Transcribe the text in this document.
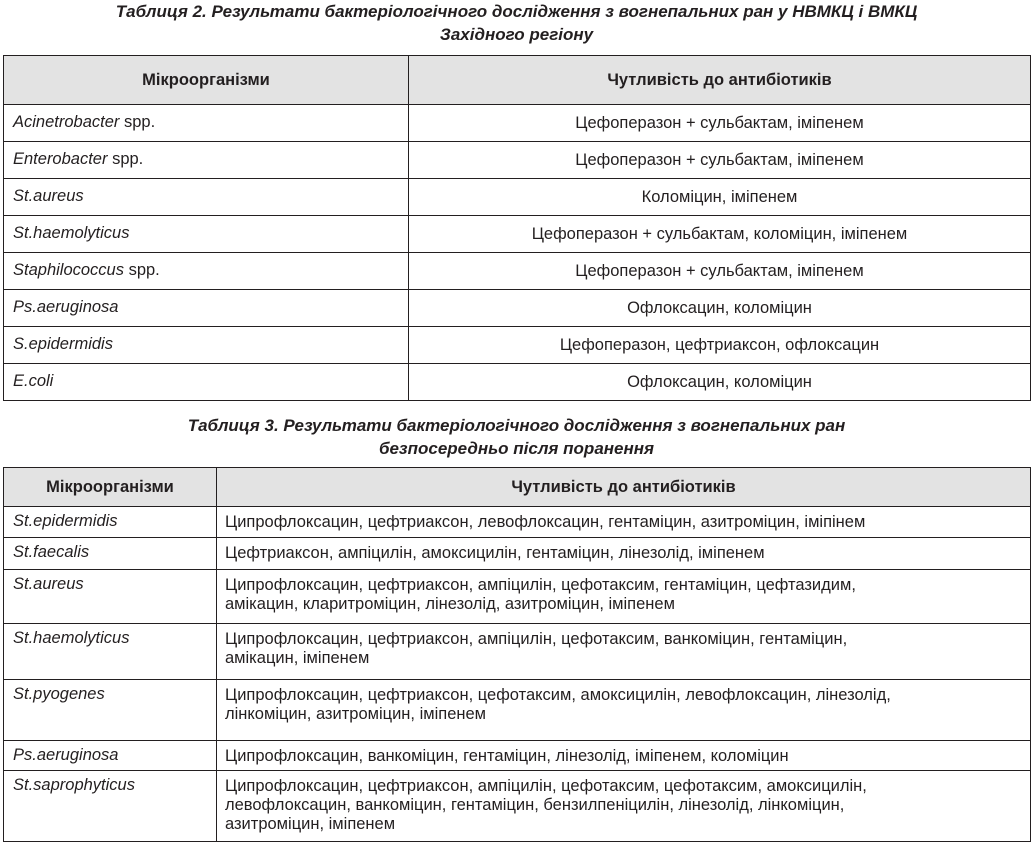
Таблиця 2. Результати бактеріологічного дослідження з вогнепальних ран у НВМКЦ і ВМКЦ
Західного регіону
Мікроорганізми	Чутливість до антибіотиків
Acinetrobacter spp.	Цефоперазон + сульбактам, іміпенем
Enterobacter spp.	Цефоперазон + сульбактам, іміпенем
St.aureus	Коломіцин, іміпенем
St.haemolyticus	Цефоперазон + сульбактам, коломіцин, іміпенем
Staphilococcus spp.	Цефоперазон + сульбактам, іміпенем
Ps.aeruginosa	Офлоксацин, коломіцин
S.epidermidis	Цефоперазон, цефтриаксон, офлоксацин
E.coli	Офлоксацин, коломіцин
Таблиця 3. Результати бактеріологічного дослідження з вогнепальних ран
безпосередньо після поранення
Мікроорганізми	Чутливість до антибіотиків
St.epidermidis	Ципрофлоксацин, цефтриаксон, левофлоксацин, гентаміцин, азитроміцин, іміпінем

St.faecalis	Цефтриаксон, ампіцилін, амоксицилін, гентаміцин, лінезолід, іміпенем

St.aureus	Ципрофлоксацин, цефтриаксон, ампіцилін, цефотаксим, гентаміцин, цефтазидим,
амікацин, кларитроміцин, лінезолід, азитроміцин, іміпенем

St.haemolyticus	Ципрофлоксацин, цефтриаксон, ампіцилін, цефотаксим, ванкоміцин, гентаміцин,
амікацин, іміпенем

St.pyogenes	Ципрофлоксацин, цефтриаксон, цефотаксим, амоксицилін, левофлоксацин, лінезолід,
лінкоміцин, азитроміцин, іміпенем

Ps.aeruginosa	Ципрофлоксацин, ванкоміцин, гентаміцин, лінезолід, іміпенем, коломіцин

St.saprophyticus	Ципрофлоксацин, цефтриаксон, ампіцилін, цефотаксим, цефотаксим, амоксицилін,
левофлоксацин, ванкоміцин, гентаміцин, бензилпеніцилін, лінезолід, лінкоміцин,
азитроміцин, іміпенем
